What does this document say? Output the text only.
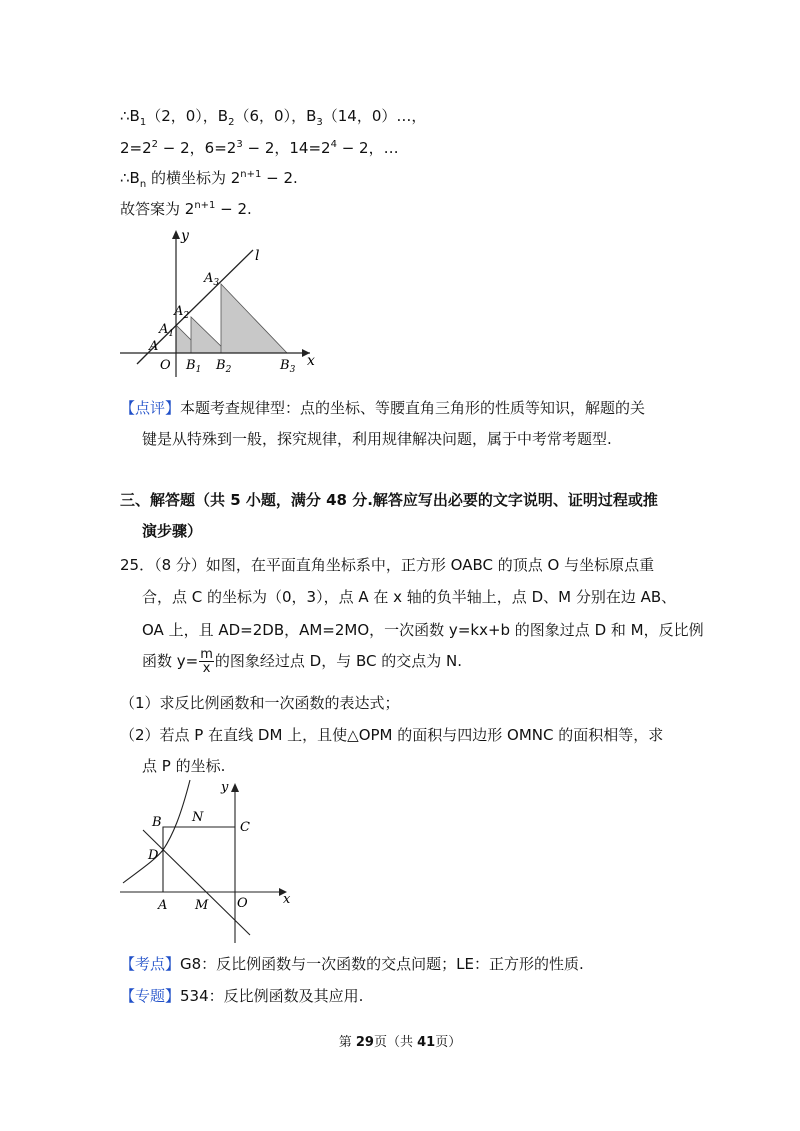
$\therefore B_1(2$，0），$B_2(6$，0），$B_3(14$，0）…，
$2=2^2 - 2$，$6=2^3 - 2$，$14=2^4 - 2$，…
$\therefore B_n$ 的横坐标为 $2^{n+1} - 2$.
故答案为 $2^{n+1} - 2$.
y
l
x
O
A
$A_1$
$A_2$
$A_3$
$B_1$ $B_2$	$B_3$
【点评】本题考查规律型：点的坐标、等腰直角三角形的性质等知识，解题的关
键是从特殊到一般，探究规律，利用规律解决问题，属于中考常考题型.
三、解答题（共 5 小题，满分 48 分.解答应写出必要的文字说明、证明过程或推
演步骤）
25．（8 分）如图，在平面直角坐标系中，正方形 OABC 的顶点 O 与坐标原点重
合，点 C 的坐标为（0，3），点 A 在 x 轴的负半轴上，点 D、M 分别在边 AB、
OA 上，且 AD=2DB，AM=2MO，一次函数 y=kx+b 的图象过点 D 和 M，反比例
函数 $y= \frac{m}{x}$ 的图象经过点 D，与 BC 的交点为 N.
（1）求反比例函数和一次函数的表达式；
（2）若点 P 在直线 DM 上，且使△OPM 的面积与四边形 OMNC 的面积相等，求
点 P 的坐标.
y
x
B N
C
D
A M O
【考点】G8：反比例函数与一次函数的交点问题；LE：正方形的性质.
【专题】534：反比例函数及其应用.
第 29页（共 41页）
